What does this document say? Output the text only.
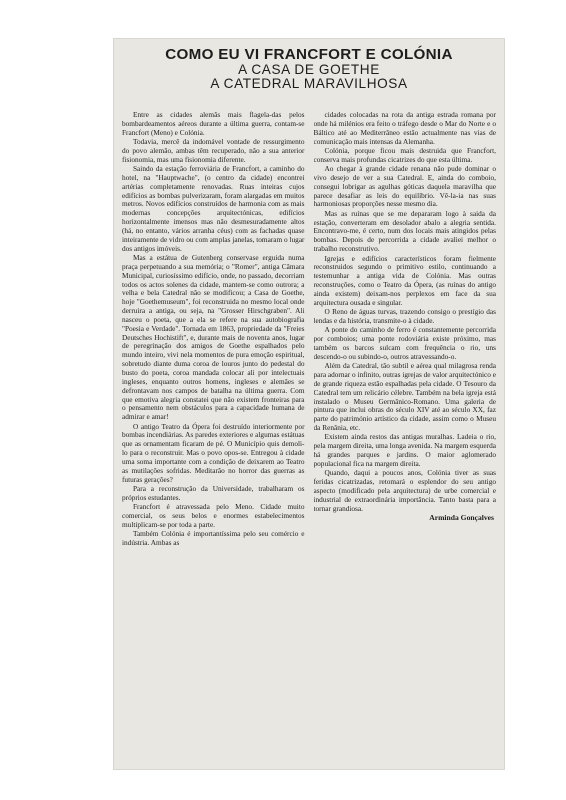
COMO EU VI FRANCFORT E COLÓNIA
A CASA DE GOETHE
A CATEDRAL MARAVILHOSA

Entre as cidades alemãs mais flagela-das pelos bombardeamentos aéreos durante a última guerra, contam-se Francfort (Meno) e Colónia.

Todavia, mercê da indomável vontade de ressurgimento do povo alemão, ambas têm recuperado, não a sua anterior fisionomia, mas uma fisionomia diferente.

Saindo da estação ferroviária de Francfort, a caminho do hotel, na "Hauptwache", (o centro da cidade) encontrei artérias completamente renovadas. Ruas inteiras cujos edifícios as bombas pulverizaram, foram alargadas em muitos metros. Novos edifícios construídos de harmonia com as mais modernas concepções arquitectónicas, edifícios horizontalmente imensos mas não desmesuradamente altos (há, no entanto, vários arranha céus) com as fachadas quase inteiramente de vidro ou com amplas janelas, tomaram o lugar dos antigos imóveis.

Mas a estátua de Gutenberg conservase erguida numa praça perpetuando a sua memória; o "Romer", antiga Câmara Municipal, curiosíssimo edifício, onde, no passado, decorriam todos os actos solenes da cidade, mantem-se como outrora; a velha e bela Catedral não se modificou; a Casa de Goethe, hoje "Goethemuseum", foi reconstruida no mesmo local onde derruira a antiga, ou seja, na "Grosser Hirschgraben". Ali nasceu o poeta, que a ela se refere na sua autobiografia "Poesia e Verdade". Tornada em 1863, propriedade da "Freies Deutsches Hochistift", e, durante mais de noventa anos, lugar de peregrinação dos amigos de Goethe espalhados pelo mundo inteiro, vivi nela momentos de pura emoção espiritual, sobretudo diante duma coroa de louros junto do pedestal do busto do poeta, coroa mandada colocar ali por intelectuais ingleses, enquanto outros homens, ingleses e alemães se defrontavam nos campos de batalha na última guerra. Com que emotiva alegria constatei que não existem fronteiras para o pensamento nem obstáculos para a capacidade humana de admirar e amar!

O antigo Teatro da Ópera foi destruído interiormente por bombas incendiárias. As paredes exteriores e algumas estátuas que as ornamentam ficaram de pé. O Município quis demoli-lo para o reconstruir. Mas o povo opos-se. Entregou à cidade uma soma importante com a condição de deixarem ao Teatro as mutilações sofridas. Meditarão no horror das guerras as futuras gerações?

Para a reconstrução da Universidade, trabalharam os próprios estudantes.

Francfort é atravessada pelo Meno. Cidade muito comercial, os seus belos e enormes estabelecimentos multiplicam-se por toda a parte.

Também Colónia é importantíssima pelo seu comércio e indústria. Ambas as

cidades colocadas na rota da antiga estrada romana por onde há milénios era feito o tráfego desde o Mar do Norte e o Báltico até ao Mediterrâneo estão actualmente nas vias de comunicação mais intensas da Alemanha.

Colónia, porque ficou mais destruida que Francfort, conserva mais profundas cicatrizes do que esta última.

Ao chegar à grande cidade renana não pude dominar o vivo desejo de ver a sua Catedral. E, ainda do comboio, consegui lobrigar as agulhas góticas daquela maravilha que parece desafiar as leis do equilíbrio. Vê-la-ia nas suas harmoniosas proporções nesse mesmo dia.

Mas as ruínas que se me depararam logo à saida da estação, converteram em desolador abalo a alegria sentida. Encontravo-me, é certo, num dos locais mais atingidos pelas bombas. Depois de percorrida a cidade avaliei melhor o trabalho reconstrutivo.

Igrejas e edifícios característicos foram fielmente reconstruidos segundo o primitivo estilo, continuando a testemunhar a antiga vida de Colónia. Mas outras reconstruções, como o Teatro da Ópera, (as ruínas do antigo ainda existem) deixam-nos perplexos em face da sua arquitectura ousada e singular.

O Reno de águas turvas, trazendo consigo o prestígio das lendas e da história, transmite-o à cidade.

A ponte do caminho de ferro é constantemente percorrida por comboios; uma ponte rodoviária existe próximo, mas também os barcos sulcam com frequência o rio, uns descendo-o ou subindo-o, outros atravessando-o.

Além da Catedral, tão subtil e aérea qual milagrosa renda para adornar o infinito, outras igrejas de valor arquitectónico e de grande riqueza estão espalhadas pela cidade. O Tesouro da Catedral tem um relicário célebre. Também na bela igreja está instalado o Museu Germânico-Romano. Uma galeria de pintura que inclui obras do século XIV até ao século XX, faz parte do património artístico da cidade, assim como o Museu da Renânia, etc.

Existem ainda restos das antigas muralhas. Ladeia o rio, pela margem direita, uma longa avenida. Na margem esquerda há grandes parques e jardins. O maior aglomerado populacional fica na margem direita.

Quando, daqui a poucos anos, Colónia tiver as suas feridas cicatrizadas, retomará o esplendor do seu antigo aspecto (modificado pela arquitectura) de urbe comercial e industrial de extraordinária importância. Tanto basta para a tornar grandiosa.

Arminda Gonçalves
